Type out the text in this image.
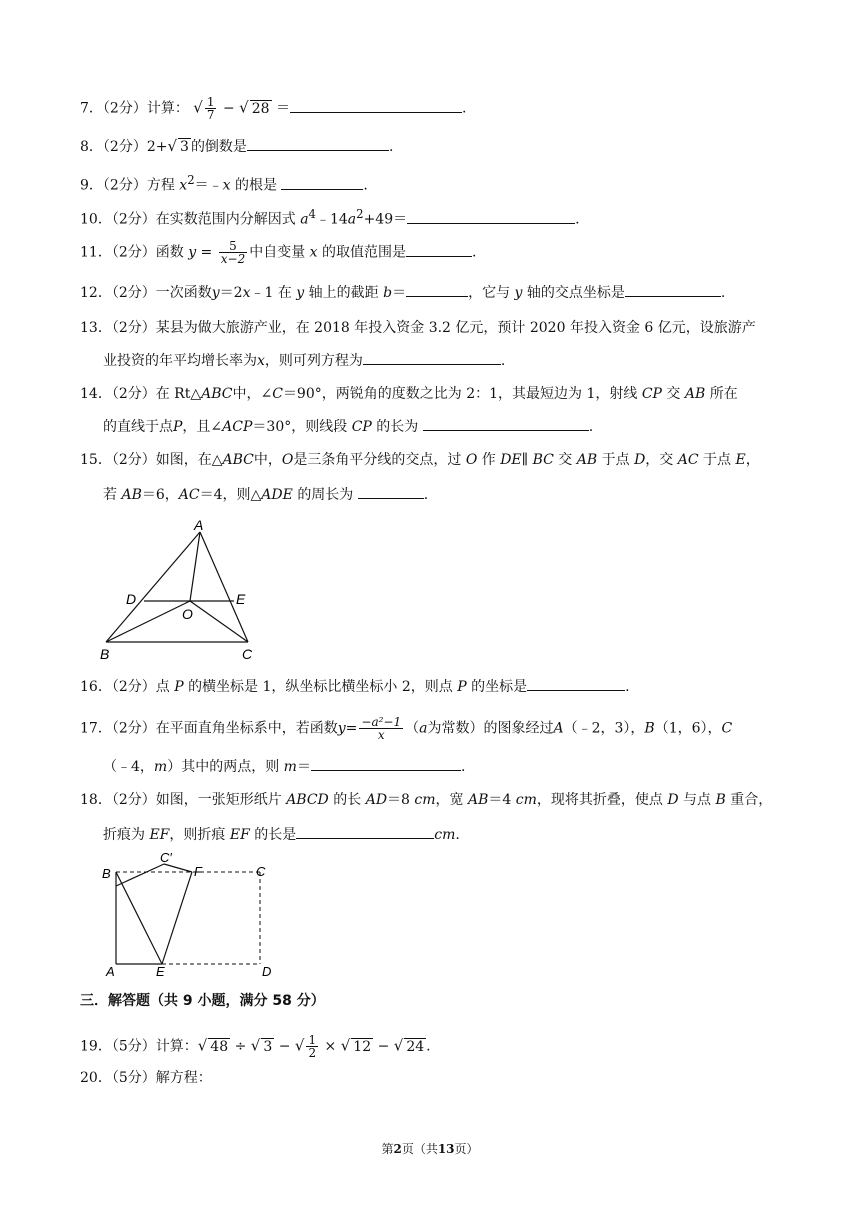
7．（2分）计算： √ $\frac{1}{7}$ − √ 28 ＝	.
8．（2分）2+√ 3 的倒数是	.
9．（2分）方程 $x^2=﹣x$ 的根是	.
10．（2分）在实数范围内分解因式 $a^4﹣14a^2+49=$	.
11．（2分）函数 $y = \frac{5}{x-2}$ 中自变量 x 的取值范围是	.
12．（2分）一次函数y＝2x﹣1 在 y 轴上的截距 b＝	，它与 y 轴的交点坐标是	.
13．（2分）某县为做大旅游产业，在 2018 年投入资金 3.2 亿元，预计 2020 年投入资金 6 亿元，设旅游产
业投资的年平均增长率为x，则可列方程为	.
14．（2分）在 Rt△ABC中，∠C＝90°，两锐角的度数之比为 2：1，其最短边为 1，射线 CP 交 AB 所在
的直线于点P，且∠ACP＝30°，则线段 CP 的长为	.
15．（2分）如图，在△ABC中，O是三条角平分线的交点，过 O 作 DE∥ BC 交 AB 于点 D，交 AC 于点 E，
若 AB＝6，AC＝4，则△ADE 的周长为	.
A
B	C
D	E
O
16．（2分）点 P 的横坐标是 1，纵坐标比横坐标小 2，则点 P 的坐标是	.
17．（2分）在平面直角坐标系中，若函数$y= \frac{\text{−a²−1}}{x} (a$为常数）的图象经过A（﹣2，3），B（1，6），C
（﹣4，m）其中的两点，则 m＝	.
18．（2分）如图，一张矩形纸片 ABCD 的长 AD＝8 cm，宽 AB＝4 cm，现将其折叠，使点 D 与点 B 重合，
折痕为 EF，则折痕 EF 的长是	cm.
B
A	E
F	C
D
C′
三．解答题（共 9 小题，满分 58 分）
19．（5分）计算：√ 48 ÷ √ 3 − √ $\frac{1}{2}$ × √ 12 − √ 24 .
20．（5分）解方程：
第2页（共13页）
